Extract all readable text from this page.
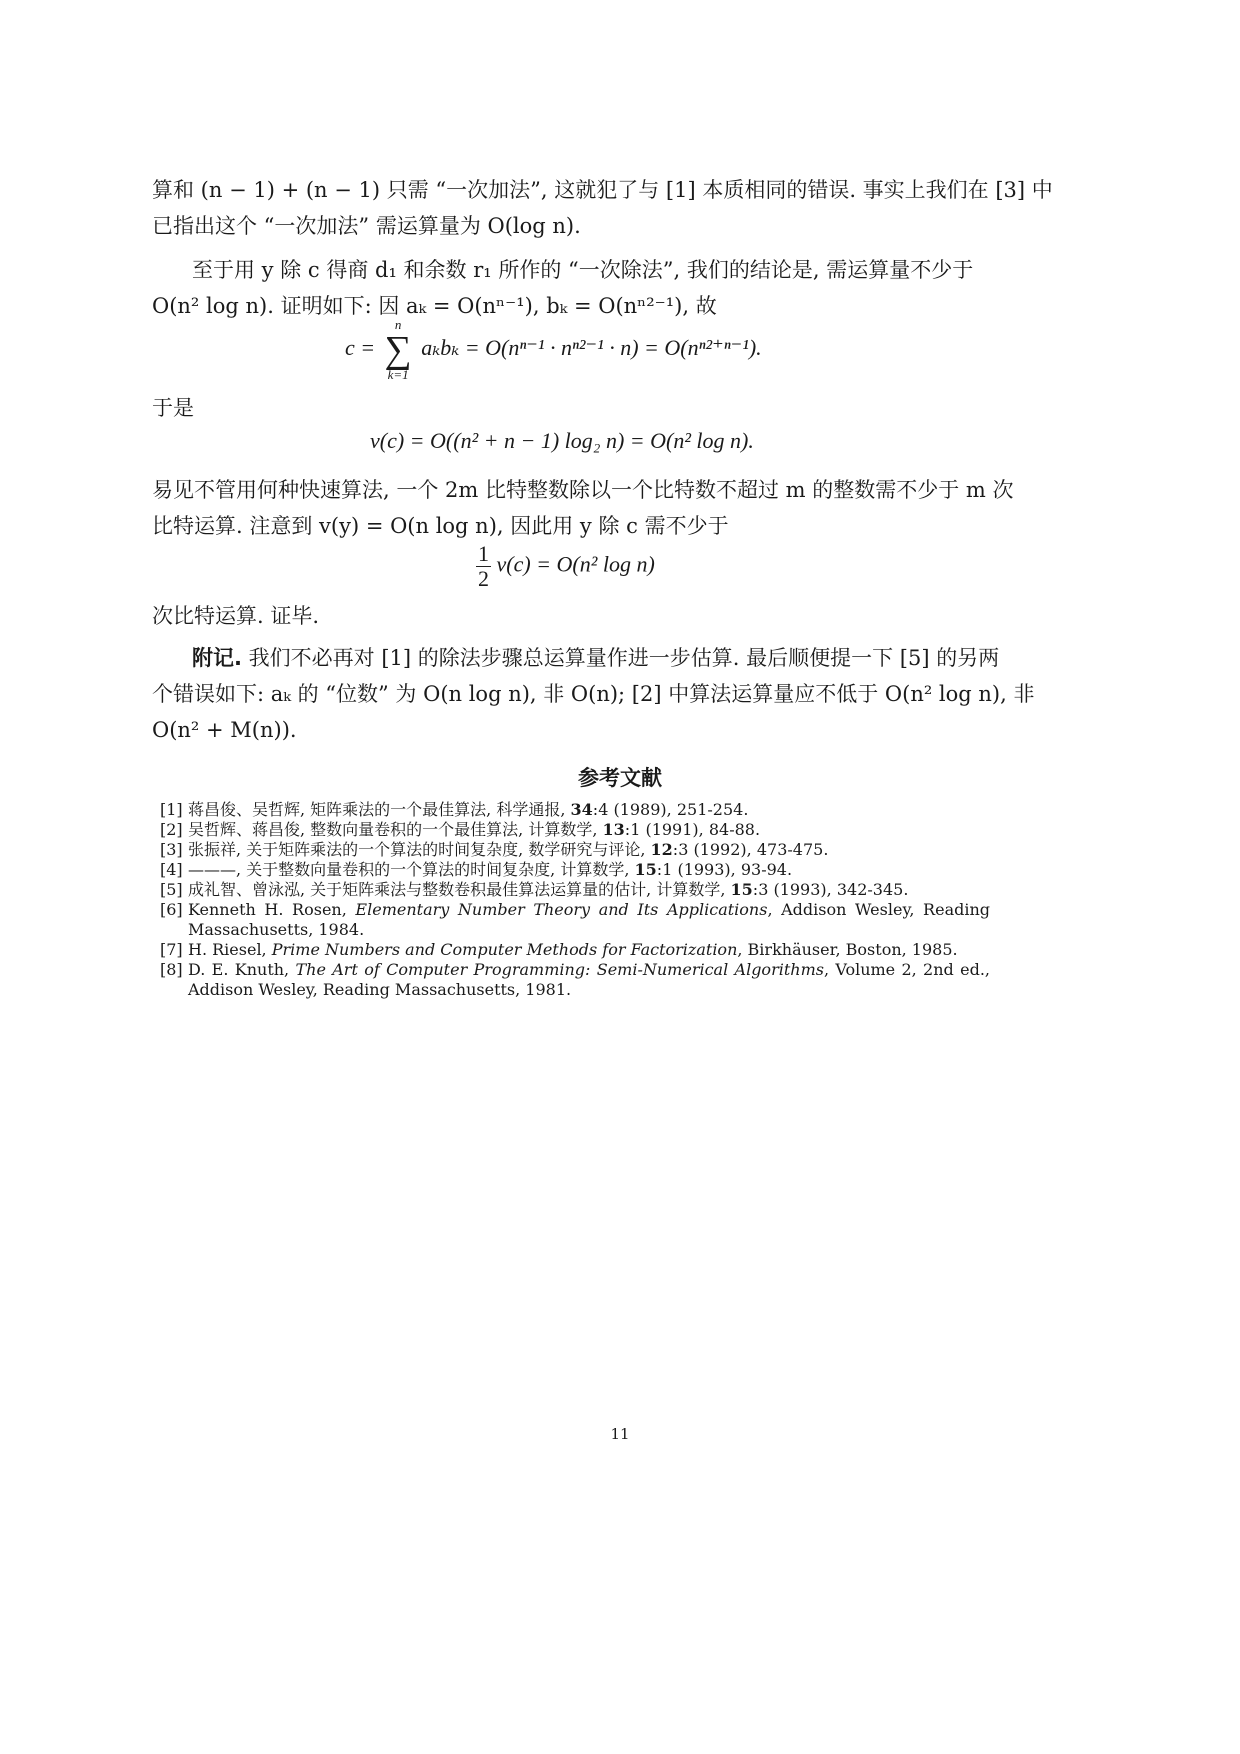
算和 (n − 1) + (n − 1) 只需 “一次加法”, 这就犯了与 [1] 本质相同的错误. 事实上我们在 [3] 中
已指出这个 “一次加法” 需运算量为 O(log n).
至于用 y 除 c 得商 d₁ 和余数 r₁ 所作的 “一次除法”, 我们的结论是, 需运算量不少于
O(n² log n). 证明如下: 因 aₖ = O(nⁿ⁻¹), bₖ = O(nⁿ²⁻¹), 故
c =
n
∑
k=1
aₖbₖ = O(nⁿ⁻¹ · nⁿ²⁻¹ · n) = O(nⁿ²⁺ⁿ⁻¹).
于是
v(c) = O((n² + n − 1) log₂ n) = O(n² log n).
易见不管用何种快速算法, 一个 2m 比特整数除以一个比特数不超过 m 的整数需不少于 m 次
比特运算. 注意到 v(y) = O(n log n), 因此用 y 除 c 需不少于
$\frac{1}{2} v(c) = O(n^2$ log n)
次比特运算. 证毕.
附记. 我们不必再对 [1] 的除法步骤总运算量作进一步估算. 最后顺便提一下 [5] 的另两
个错误如下: aₖ 的 “位数” 为 O(n log n), 非 O(n); [2] 中算法运算量应不低于 O(n² log n), 非
O(n² + M(n)).
参考文献
[1] 蒋昌俊、吴哲辉, 矩阵乘法的一个最佳算法, 科学通报, 34:4 (1989), 251-254.
[2] 吴哲辉、蒋昌俊, 整数向量卷积的一个最佳算法, 计算数学, 13:1 (1991), 84-88.
[3] 张振祥, 关于矩阵乘法的一个算法的时间复杂度, 数学研究与评论, 12:3 (1992), 473-475.
[4] ———, 关于整数向量卷积的一个算法的时间复杂度, 计算数学, 15:1 (1993), 93-94.
[5] 成礼智、曾泳泓, 关于矩阵乘法与整数卷积最佳算法运算量的估计, 计算数学, 15:3 (1993), 342-345.
[6] Kenneth H. Rosen, Elementary Number Theory and Its Applications, Addison Wesley, Reading Massachusetts, 1984.
[7] H. Riesel, Prime Numbers and Computer Methods for Factorization, Birkhäuser, Boston, 1985.
[8] D. E. Knuth, The Art of Computer Programming: Semi-Numerical Algorithms, Volume 2, 2nd ed., Addison Wesley, Reading Massachusetts, 1981.
11
